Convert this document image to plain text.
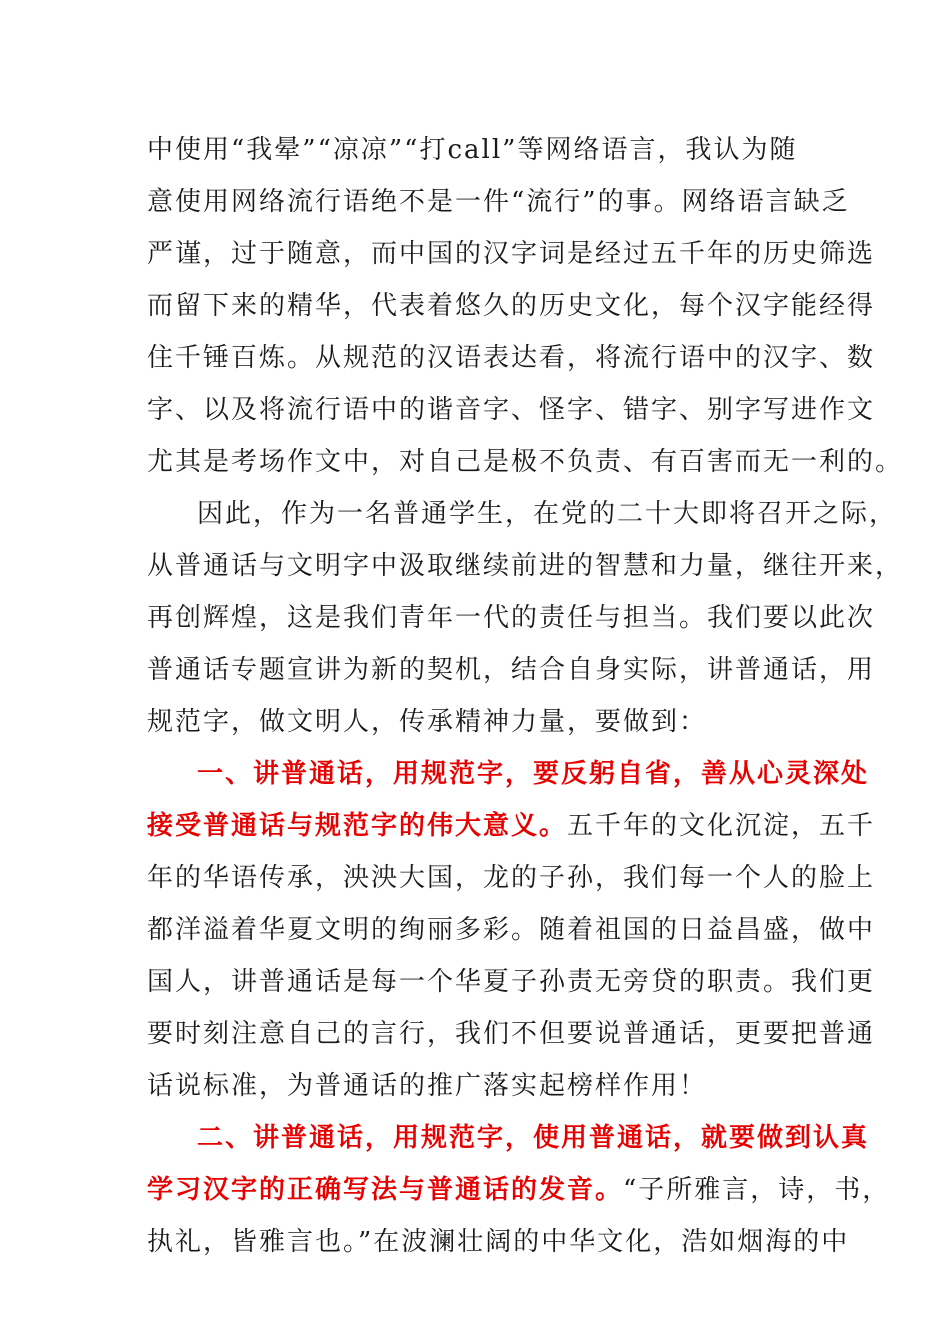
中使用“我晕”“凉凉”“打call”等网络语言，我认为随
意使用网络流行语绝不是一件“流行”的事。网络语言缺乏
严谨，过于随意，而中国的汉字词是经过五千年的历史筛选
而留下来的精华，代表着悠久的历史文化，每个汉字能经得
住千锤百炼。从规范的汉语表达看，将流行语中的汉字、数
字、以及将流行语中的谐音字、怪字、错字、别字写进作文
尤其是考场作文中，对自己是极不负责、有百害而无一利的。
因此，作为一名普通学生，在党的二十大即将召开之际，
从普通话与文明字中汲取继续前进的智慧和力量，继往开来，
再创辉煌，这是我们青年一代的责任与担当。我们要以此次
普通话专题宣讲为新的契机，结合自身实际，讲普通话，用
规范字，做文明人，传承精神力量，要做到：
一、讲普通话，用规范字，要反躬自省，善从心灵深处
接受普通话与规范字的伟大意义。五千年的文化沉淀，五千
年的华语传承，泱泱大国，龙的子孙，我们每一个人的脸上
都洋溢着华夏文明的绚丽多彩。随着祖国的日益昌盛，做中
国人，讲普通话是每一个华夏子孙责无旁贷的职责。我们更
要时刻注意自己的言行，我们不但要说普通话，更要把普通
话说标准，为普通话的推广落实起榜样作用！
二、讲普通话，用规范字，使用普通话，就要做到认真
学习汉字的正确写法与普通话的发音。“子所雅言，诗，书，
执礼，皆雅言也。”在波澜壮阔的中华文化，浩如烟海的中
